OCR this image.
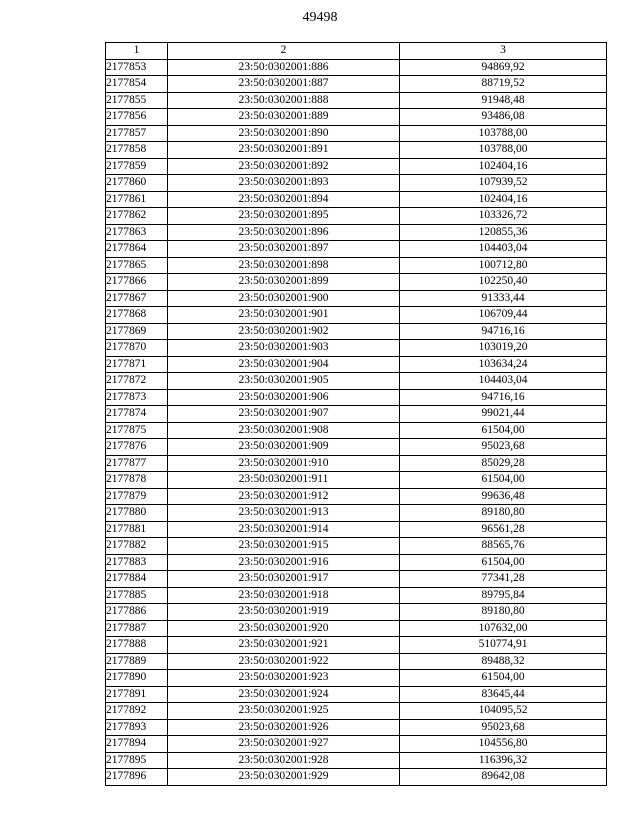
49498
1	2	3
2177853	23:50:0302001:886	94869,92
2177854	23:50:0302001:887	88719,52
2177855	23:50:0302001:888	91948,48
2177856	23:50:0302001:889	93486,08
2177857	23:50:0302001:890	103788,00
2177858	23:50:0302001:891	103788,00
2177859	23:50:0302001:892	102404,16
2177860	23:50:0302001:893	107939,52
2177861	23:50:0302001:894	102404,16
2177862	23:50:0302001:895	103326,72
2177863	23:50:0302001:896	120855,36
2177864	23:50:0302001:897	104403,04
2177865	23:50:0302001:898	100712,80
2177866	23:50:0302001:899	102250,40
2177867	23:50:0302001:900	91333,44
2177868	23:50:0302001:901	106709,44
2177869	23:50:0302001:902	94716,16
2177870	23:50:0302001:903	103019,20
2177871	23:50:0302001:904	103634,24
2177872	23:50:0302001:905	104403,04
2177873	23:50:0302001:906	94716,16
2177874	23:50:0302001:907	99021,44
2177875	23:50:0302001:908	61504,00
2177876	23:50:0302001:909	95023,68
2177877	23:50:0302001:910	85029,28
2177878	23:50:0302001:911	61504,00
2177879	23:50:0302001:912	99636,48
2177880	23:50:0302001:913	89180,80
2177881	23:50:0302001:914	96561,28
2177882	23:50:0302001:915	88565,76
2177883	23:50:0302001:916	61504,00
2177884	23:50:0302001:917	77341,28
2177885	23:50:0302001:918	89795,84
2177886	23:50:0302001:919	89180,80
2177887	23:50:0302001:920	107632,00
2177888	23:50:0302001:921	510774,91
2177889	23:50:0302001:922	89488,32
2177890	23:50:0302001:923	61504,00
2177891	23:50:0302001:924	83645,44
2177892	23:50:0302001:925	104095,52
2177893	23:50:0302001:926	95023,68
2177894	23:50:0302001:927	104556,80
2177895	23:50:0302001:928	116396,32
2177896	23:50:0302001:929	89642,08
